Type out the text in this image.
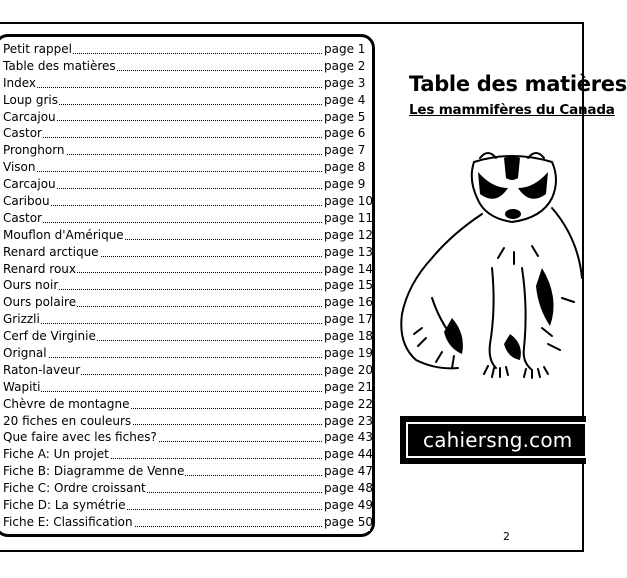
Petit rappel	page 1
Table des matières	page 2
Index	page 3
Loup gris	page 4
Carcajou	page 5
Castor	page 6
Pronghorn	page 7
Vison	page 8
Carcajou	page 9
Caribou	page 10
Castor	page 11
Mouflon d'Amérique	page 12
Renard arctique	page 13
Renard roux	page 14
Ours noir	page 15
Ours polaire	page 16
Grizzli	page 17
Cerf de Virginie	page 18
Orignal	page 19
Raton-laveur	page 20
Wapiti	page 21
Chèvre de montagne	page 22
20 fiches en couleurs	page 23
Que faire avec les fiches?	page 43
Fiche A: Un projet	page 44
Fiche B: Diagramme de Venne	page 47
Fiche C: Ordre croissant	page 48
Fiche D: La symétrie	page 49
Fiche E: Classification	page 50
Table des matières
Les mammifères du Canada
cahiersng.com
2
